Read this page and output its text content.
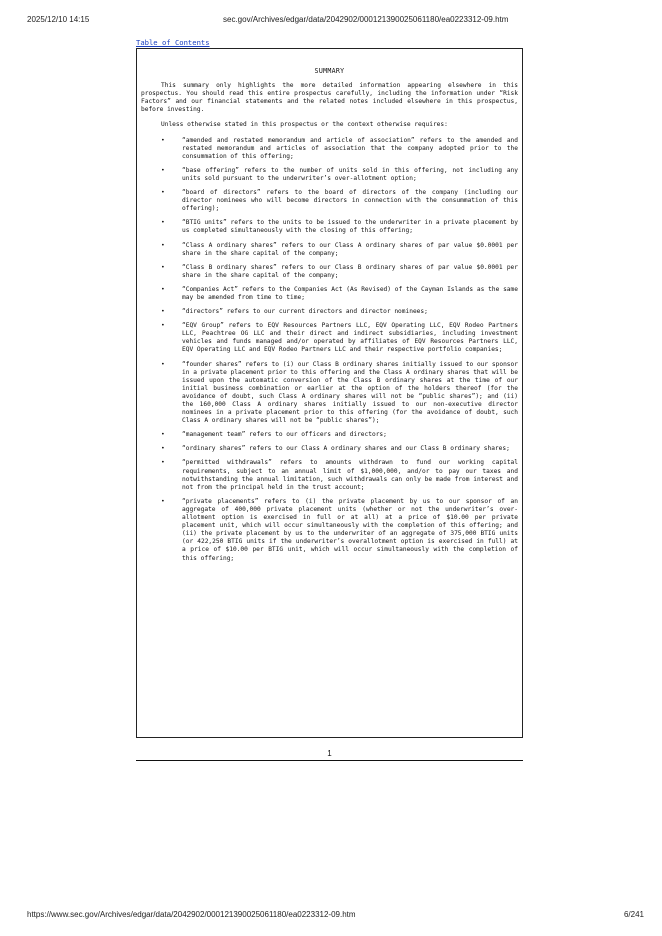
2025/12/10 14:15	sec.gov/Archives/edgar/data/2042902/000121390025061180/ea0223312-09.htm
Table of Contents
SUMMARY

This summary only highlights the more detailed information appearing elsewhere in this prospectus. You should read this entire prospectus carefully, including the information under “Risk Factors” and our financial statements and the related notes included elsewhere in this prospectus, before investing.

Unless otherwise stated in this prospectus or the context otherwise requires:

•	“amended and restated memorandum and article of association” refers to the amended and restated memorandum and articles of association that the company adopted prior to the consummation of this offering;
•	“base offering” refers to the number of units sold in this offering, not including any units sold pursuant to the underwriter’s over-allotment option;
•	“board of directors” refers to the board of directors of the company (including our director nominees who will become directors in connection with the consummation of this offering);
•	“BTIG units” refers to the units to be issued to the underwriter in a private placement by us completed simultaneously with the closing of this offering;
•	“Class A ordinary shares” refers to our Class A ordinary shares of par value $0.0001 per share in the share capital of the company;
•	“Class B ordinary shares” refers to our Class B ordinary shares of par value $0.0001 per share in the share capital of the company;
•	“Companies Act” refers to the Companies Act (As Revised) of the Cayman Islands as the same may be amended from time to time;
•	“directors” refers to our current directors and director nominees;
•	“EQV Group” refers to EQV Resources Partners LLC, EQV Operating LLC, EQV Rodeo Partners LLC, Peachtree OG LLC and their direct and indirect subsidiaries, including investment vehicles and funds managed and/or operated by affiliates of EQV Resources Partners LLC, EQV Operating LLC and EQV Rodeo Partners LLC and their respective portfolio companies;
•	“founder shares” refers to (i) our Class B ordinary shares initially issued to our sponsor in a private placement prior to this offering and the Class A ordinary shares that will be issued upon the automatic conversion of the Class B ordinary shares at the time of our initial business combination or earlier at the option of the holders thereof (for the avoidance of doubt, such Class A ordinary shares will not be “public shares”); and (ii) the 160,000 Class A ordinary shares initially issued to our non-executive director nominees in a private placement prior to this offering (for the avoidance of doubt, such Class A ordinary shares will not be “public shares”);
•	“management team” refers to our officers and directors;
•	“ordinary shares” refers to our Class A ordinary shares and our Class B ordinary shares;
•	“permitted withdrawals” refers to amounts withdrawn to fund our working capital requirements, subject to an annual limit of $1,000,000, and/or to pay our taxes and notwithstanding the annual limitation, such withdrawals can only be made from interest and not from the principal held in the trust account;
•	“private placements” refers to (i) the private placement by us to our sponsor of an aggregate of 400,000 private placement units (whether or not the underwriter’s over-allotment option is exercised in full or at all) at a price of $10.00 per private placement unit, which will occur simultaneously with the completion of this offering; and (ii) the private placement by us to the underwriter of an aggregate of 375,000 BTIG units (or 422,250 BTIG units if the underwriter’s overallotment option is exercised in full) at a price of $10.00 per BTIG unit, which will occur simultaneously with the completion of this offering;
1
https://www.sec.gov/Archives/edgar/data/2042902/000121390025061180/ea0223312-09.htm	6/241
